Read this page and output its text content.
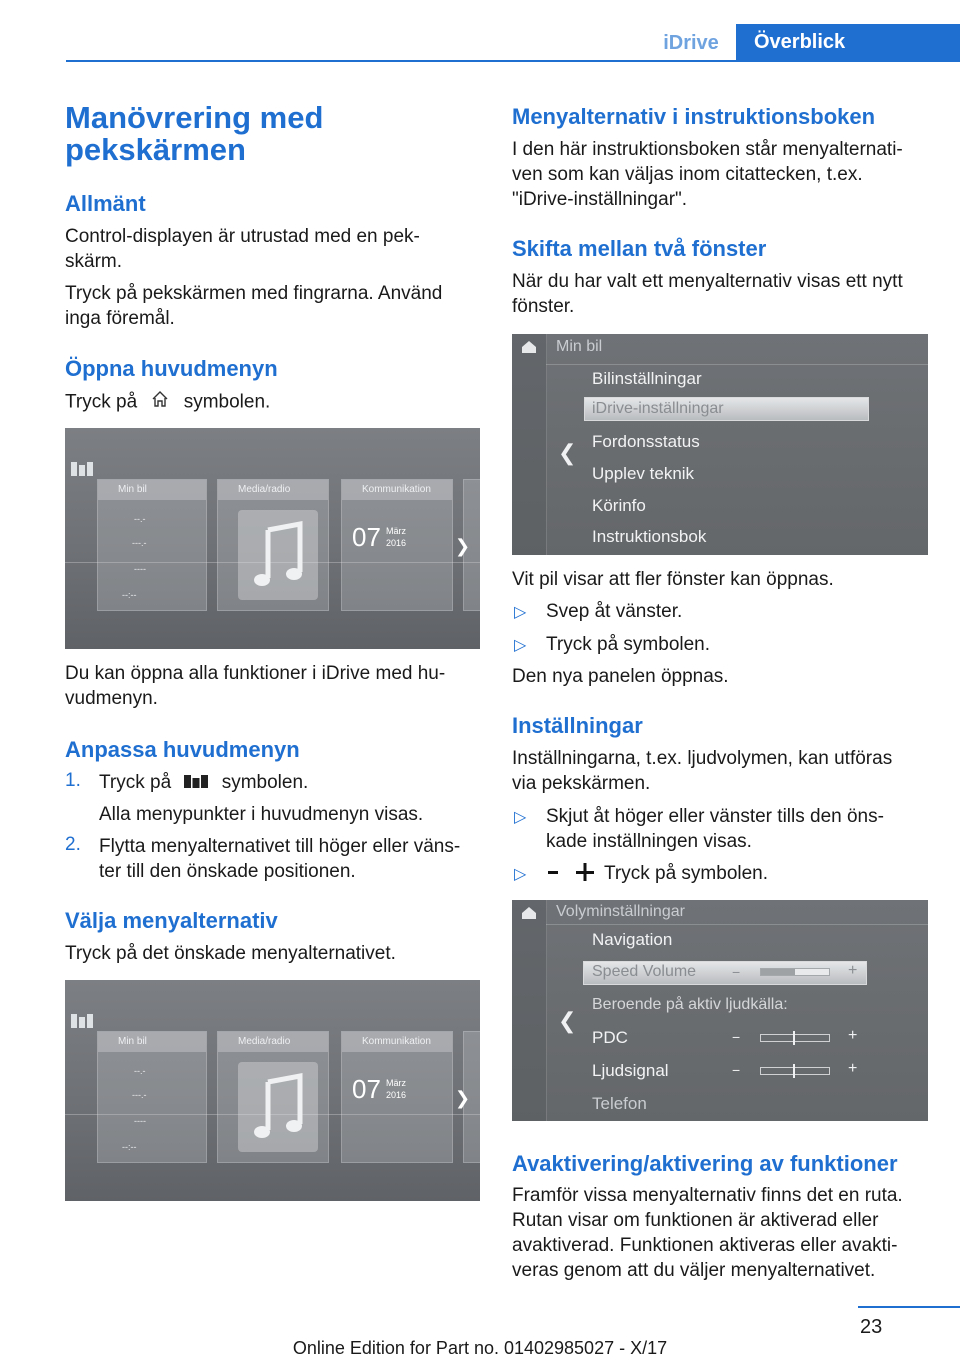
iDrive	Överblick
Manövrering med
pekskärmen
Allmänt

Control-displayen är utrustad med en pek-
skärm.

Tryck på pekskärmen med fingrarna. Använd
inga föremål.

Öppna huvudmenyn

Tryck på symbolen.

Min bil
--.-
---.-
----
--:--
Media/radio	Kommunikation
07 März
2016	❯

Du kan öppna alla funktioner i iDrive med hu-
vudmenyn.

Anpassa huvudmenyn
1. Tryck på	symbolen.

Alla menypunkter i huvudmenyn visas.

2. Flytta menyalternativet till höger eller väns-
ter till den önskade positionen.

Välja menyalternativ

Tryck på det önskade menyalternativet.

Min bil
--.-
---.-
----
--:--
Media/radio	Kommunikation
07 März
2016	❯
Menyalternativ i instruktionsboken

I den här instruktionsboken står menyalternati-
ven som kan väljas inom citattecken, t.ex.
"iDrive-inställningar".

Skifta mellan två fönster

När du har valt ett menyalternativ visas ett nytt
fönster.

Min bil
❮
Bilinställningar
iDrive-inställningar
Fordonsstatus
Upplev teknik
Körinfo
Instruktionsbok

Vit pil visar att fler fönster kan öppnas.

▷ Svep åt vänster.

▷ Tryck på symbolen.

Den nya panelen öppnas.

Inställningar

Inställningarna, t.ex. ljudvolymen, kan utföras
via pekskärmen.

▷ Skjut åt höger eller vänster tills den öns-
kade inställningen visas.

▷	Tryck på symbolen.

Volyminställningar
❮
Navigation
Speed Volume	−	+
Beroende på aktiv ljudkälla:
PDC	−	+
Ljudsignal	−	+
Telefon
Avaktivering/aktivering av funktioner

Framför vissa menyalternativ finns det en ruta.
Rutan visar om funktionen är aktiverad eller
avaktiverad. Funktionen aktiveras eller avakti-
veras genom att du väljer menyalternativet.

23
Online Edition for Part no. 01402985027 - X/17
